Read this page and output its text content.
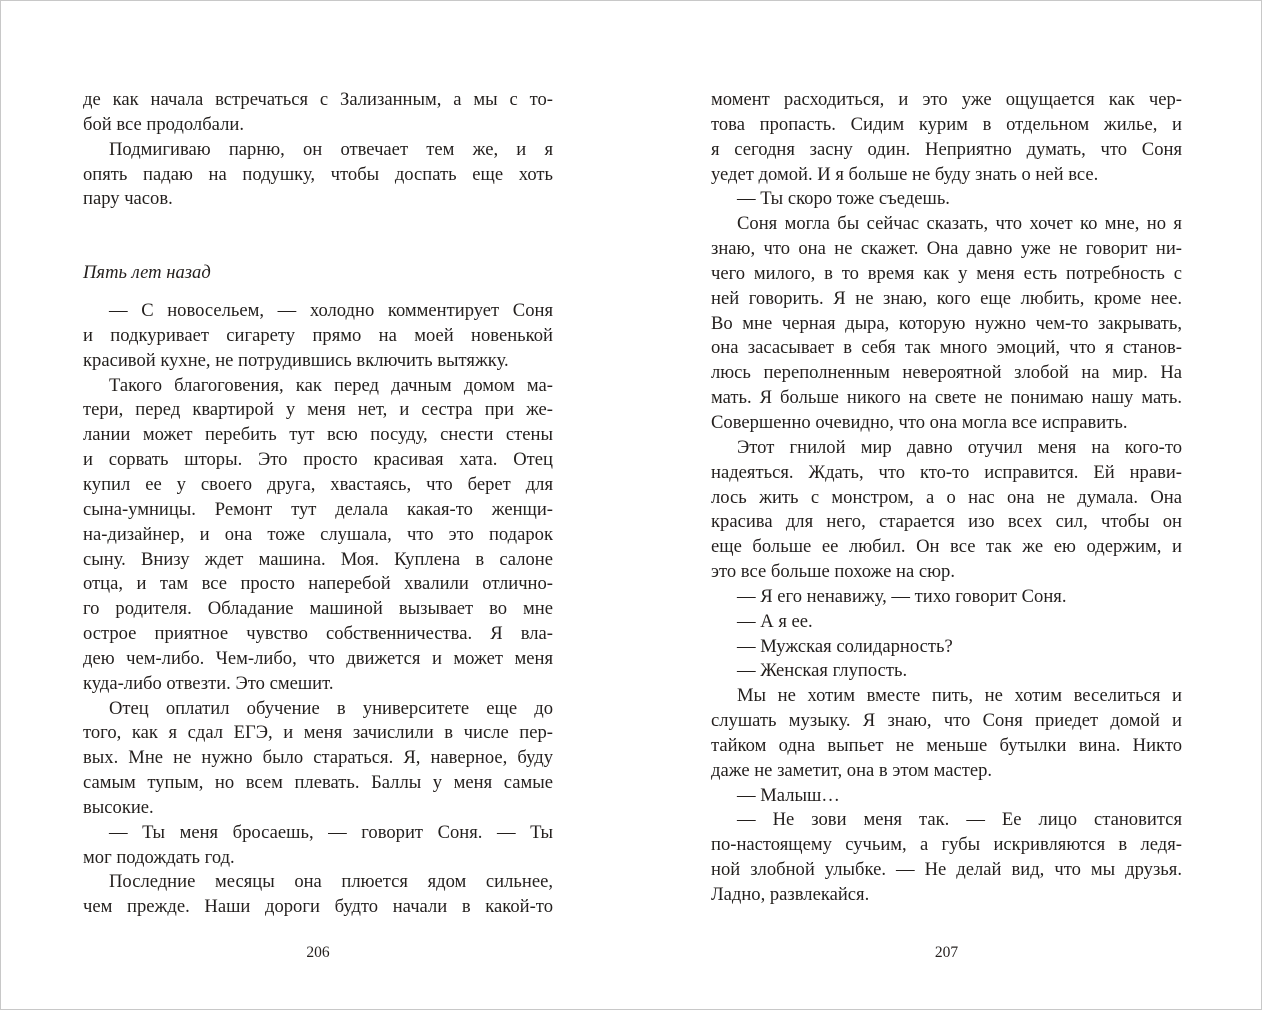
де как начала встречаться с Зализанным, а мы с то-
бой все продолбали.

Подмигиваю парню, он отвечает тем же, и я
опять падаю на подушку, чтобы доспать еще хоть
пару часов.

Пять лет назад

— С новосельем, — холодно комментирует Соня
и подкуривает сигарету прямо на моей новенькой
красивой кухне, не потрудившись включить вытяжку.

Такого благоговения, как перед дачным домом ма-
тери, перед квартирой у меня нет, и сестра при же-
лании может перебить тут всю посуду, снести стены
и сорвать шторы. Это просто красивая хата. Отец
купил ее у своего друга, хвастаясь, что берет для
сына-умницы. Ремонт тут делала какая-то женщи-
на-дизайнер, и она тоже слушала, что это подарок
сыну. Внизу ждет машина. Моя. Куплена в салоне
отца, и там все просто наперебой хвалили отлично-
го родителя. Обладание машиной вызывает во мне
острое приятное чувство собственничества. Я вла-
дею чем-либо. Чем-либо, что движется и может меня
куда-либо отвезти. Это смешит.

Отец оплатил обучение в университете еще до
того, как я сдал ЕГЭ, и меня зачислили в числе пер-
вых. Мне не нужно было стараться. Я, наверное, буду
самым тупым, но всем плевать. Баллы у меня самые
высокие.

— Ты меня бросаешь, — говорит Соня. — Ты
мог подождать год.

Последние месяцы она плюется ядом сильнее,
чем прежде. Наши дороги будто начали в какой-то

206

момент расходиться, и это уже ощущается как чер-
това пропасть. Сидим курим в отдельном жилье, и
я сегодня засну один. Неприятно думать, что Соня
уедет домой. И я больше не буду знать о ней все.

— Ты скоро тоже съедешь.

Соня могла бы сейчас сказать, что хочет ко мне, но я
знаю, что она не скажет. Она давно уже не говорит ни-
чего милого, в то время как у меня есть потребность с
ней говорить. Я не знаю, кого еще любить, кроме нее.
Во мне черная дыра, которую нужно чем-то закрывать,
она засасывает в себя так много эмоций, что я станов-
люсь переполненным невероятной злобой на мир. На
мать. Я больше никого на свете не понимаю нашу мать.
Совершенно очевидно, что она могла все исправить.

Этот гнилой мир давно отучил меня на кого-то
надеяться. Ждать, что кто-то исправится. Ей нрави-
лось жить с монстром, а о нас она не думала. Она
красива для него, старается изо всех сил, чтобы он
еще больше ее любил. Он все так же ею одержим, и
это все больше похоже на сюр.

— Я его ненавижу, — тихо говорит Соня.

— А я ее.

— Мужская солидарность?

— Женская глупость.

Мы не хотим вместе пить, не хотим веселиться и
слушать музыку. Я знаю, что Соня приедет домой и
тайком одна выпьет не меньше бутылки вина. Никто
даже не заметит, она в этом мастер.

— Малыш…

— Не зови меня так. — Ее лицо становится
по-настоящему сучьим, а губы искривляются в ледя-
ной злобной улыбке. — Не делай вид, что мы друзья.
Ладно, развлекайся.

207
